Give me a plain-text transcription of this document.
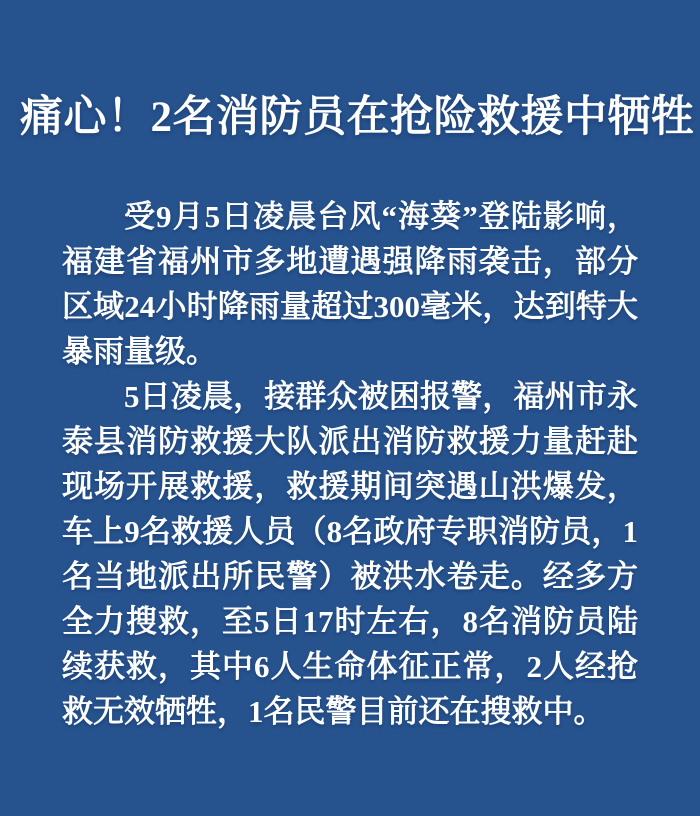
痛心！2名消防员在抢险救援中牺牲

受9月5日凌晨台风“海葵”登陆影响，福建省福州市多地遭遇强降雨袭击，部分区域24小时降雨量超过300毫米，达到特大暴雨量级。

5日凌晨，接群众被困报警，福州市永泰县消防救援大队派出消防救援力量赶赴现场开展救援，救援期间突遇山洪爆发，车上9名救援人员（8名政府专职消防员，1名当地派出所民警）被洪水卷走。经多方全力搜救，至5日17时左右，8名消防员陆续获救，其中6人生命体征正常，2人经抢救无效牺牲，1名民警目前还在搜救中。
